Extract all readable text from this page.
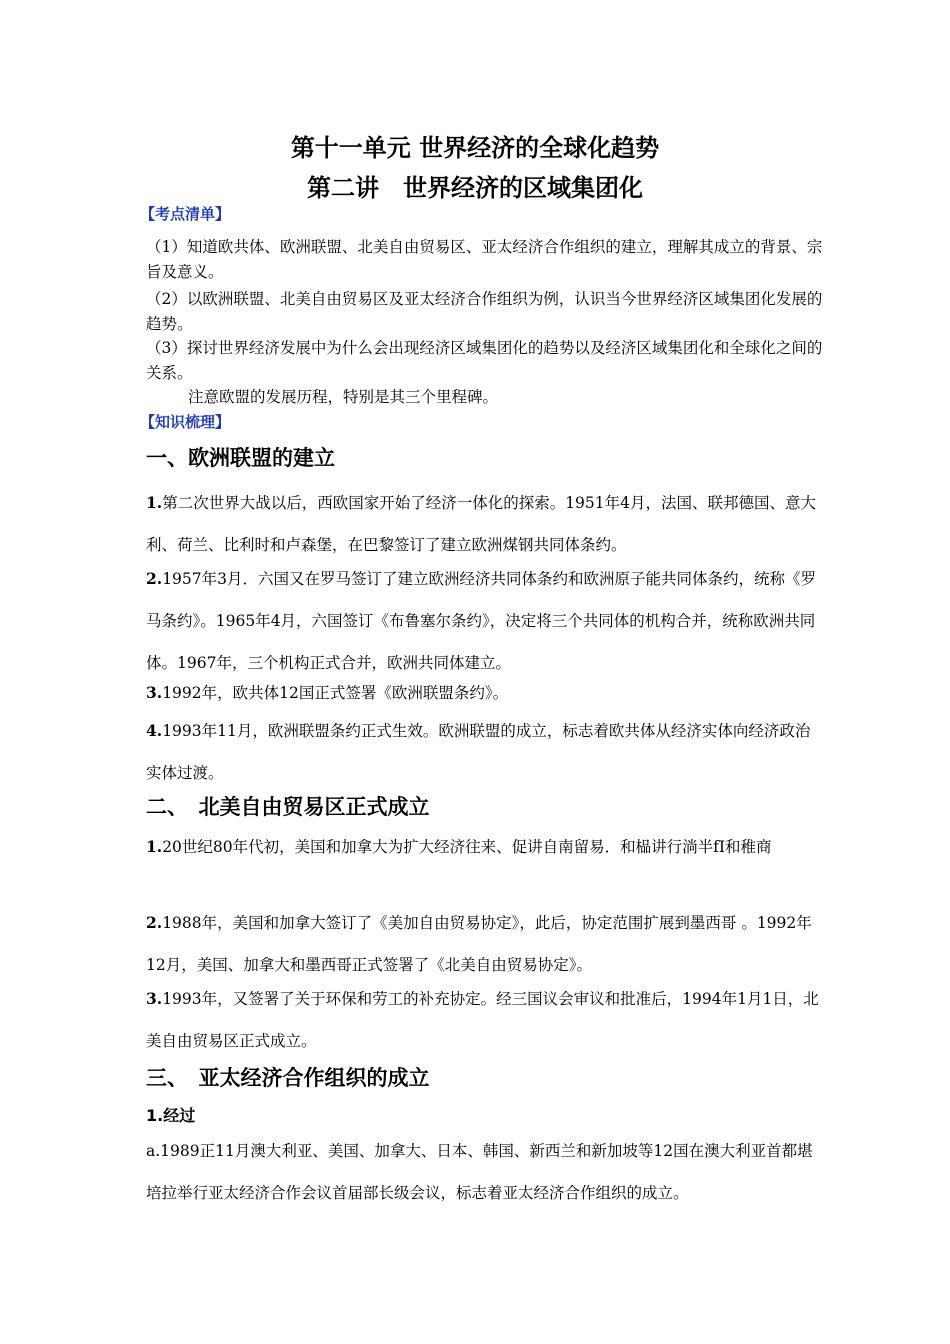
第十一单元 世界经济的全球化趋势
第二讲　世界经济的区域集团化

【考点清单】

（1）知道欧共体、欧洲联盟、北美自由贸易区、亚太经济合作组织的建立，理解其成立的背景、宗旨及意义。

（2）以欧洲联盟、北美自由贸易区及亚太经济合作组织为例，认识当今世界经济区域集团化发展的趋势。

（3）探讨世界经济发展中为什么会出现经济区域集团化的趋势以及经济区域集团化和全球化之间的关系。

注意欧盟的发展历程，特别是其三个里程碑。

【知识梳理】

一、欧洲联盟的建立

1.第二次世界大战以后，西欧国家开始了经济一体化的探索。1951年4月，法国、联邦德国、意大利、荷兰、比利时和卢森堡，在巴黎签订了建立欧洲煤钢共同体条约。

2.1957年3月．六国又在罗马签订了建立欧洲经济共同体条约和欧洲原子能共同体条约，统称《罗马条约》。1965年4月，六国签订《布鲁塞尔条约》，决定将三个共同体的机构合并，统称欧洲共同体。1967年，三个机构正式合并，欧洲共同体建立。

3.1992年，欧共体12国正式签署《欧洲联盟条约》。

4.1993年11月，欧洲联盟条约正式生效。欧洲联盟的成立，标志着欧共体从经济实体向经济政治实体过渡。

二、　北美自由贸易区正式成立

1.20世纪80年代初，美国和加拿大为扩大经济往来、促讲自南留易．和榀讲行淌半fI和稚商

2.1988年，美国和加拿大签订了《美加自由贸易协定》，此后，协定范围扩展到墨西哥 。1992年12月，美国、加拿大和墨西哥正式签署了《北美自由贸易协定》。

3.1993年，又签署了关于环保和劳工的补充协定。经三国议会审议和批准后，1994年1月1日，北美自由贸易区正式成立。

三、　亚太经济合作组织的成立

1.经过

a.1989正11月澳大利亚、美国、加拿大、日本、韩国、新西兰和新加坡等12国在澳大利亚首都堪培拉举行亚太经济合作会议首届部长级会议，标志着亚太经济合作组织的成立。
